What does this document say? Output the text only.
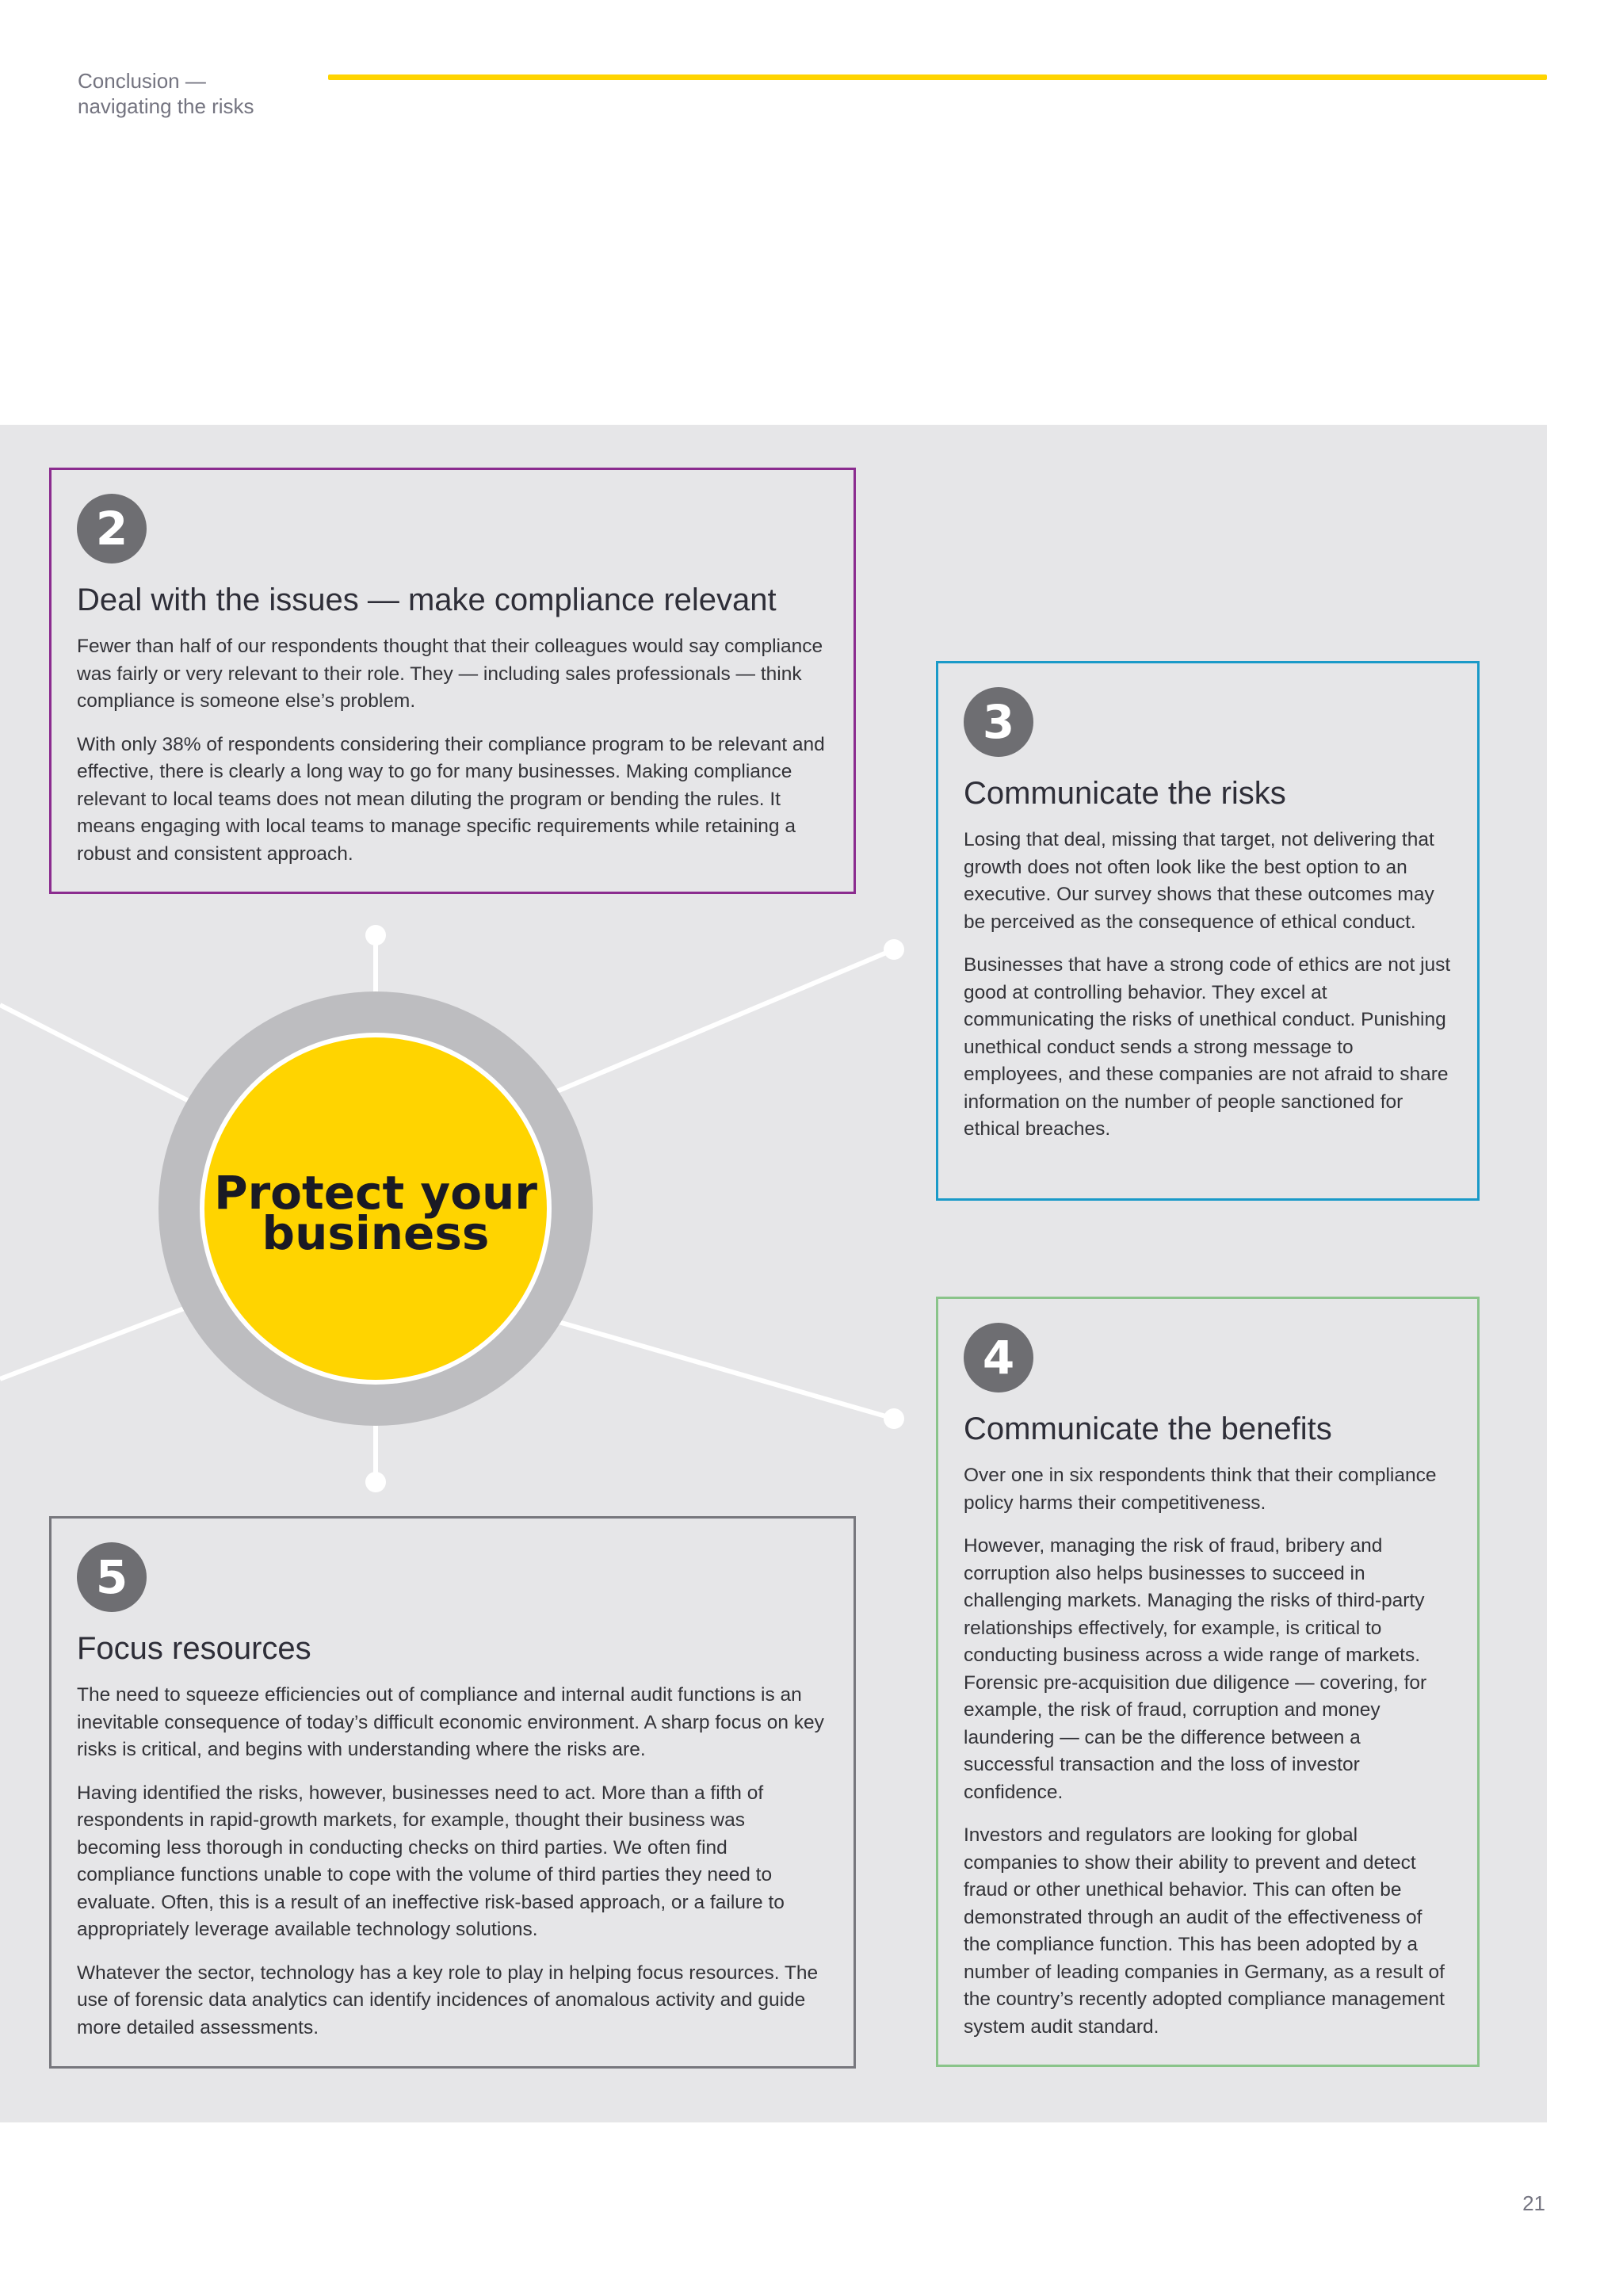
Conclusion —
navigating the risks
Protect your
business
2
Deal with the issues — make compliance relevant

Fewer than half of our respondents thought that their colleagues would say compliance was fairly or very relevant to their role. They — including sales professionals — think compliance is someone else’s problem.

With only 38% of respondents considering their compliance program to be relevant and effective, there is clearly a long way to go for many businesses. Making compliance relevant to local teams does not mean diluting the program or bending the rules. It means engaging with local teams to manage specific requirements while retaining a robust and consistent approach.

3
Communicate the risks

Losing that deal, missing that target, not delivering that growth does not often look like the best option to an executive. Our survey shows that these outcomes may be perceived as the consequence of ethical conduct.

Businesses that have a strong code of ethics are not just good at controlling behavior. They excel at communicating the risks of unethical conduct. Punishing unethical conduct sends a strong message to employees, and these companies are not afraid to share information on the number of people sanctioned for ethical breaches.

4
Communicate the benefits

Over one in six respondents think that their compliance policy harms their competitiveness.

However, managing the risk of fraud, bribery and corruption also helps businesses to succeed in challenging markets. Managing the risks of third-party relationships effectively, for example, is critical to conducting business across a wide range of markets. Forensic pre-acquisition due diligence — covering, for example, the risk of fraud, corruption and money laundering — can be the difference between a successful transaction and the loss of investor confidence.

Investors and regulators are looking for global companies to show their ability to prevent and detect fraud or other unethical behavior. This can often be demonstrated through an audit of the effectiveness of the compliance function. This has been adopted by a number of leading companies in Germany, as a result of the country’s recently adopted compliance management system audit standard.

5
Focus resources

The need to squeeze efficiencies out of compliance and internal audit functions is an inevitable consequence of today’s difficult economic environment. A sharp focus on key risks is critical, and begins with understanding where the risks are.

Having identified the risks, however, businesses need to act. More than a fifth of respondents in rapid-growth markets, for example, thought their business was becoming less thorough in conducting checks on third parties. We often find compliance functions unable to cope with the volume of third parties they need to evaluate. Often, this is a result of an ineffective risk-based approach, or a failure to appropriately leverage available technology solutions.

Whatever the sector, technology has a key role to play in helping focus resources. The use of forensic data analytics can identify incidences of anomalous activity and guide more detailed assessments.

21
